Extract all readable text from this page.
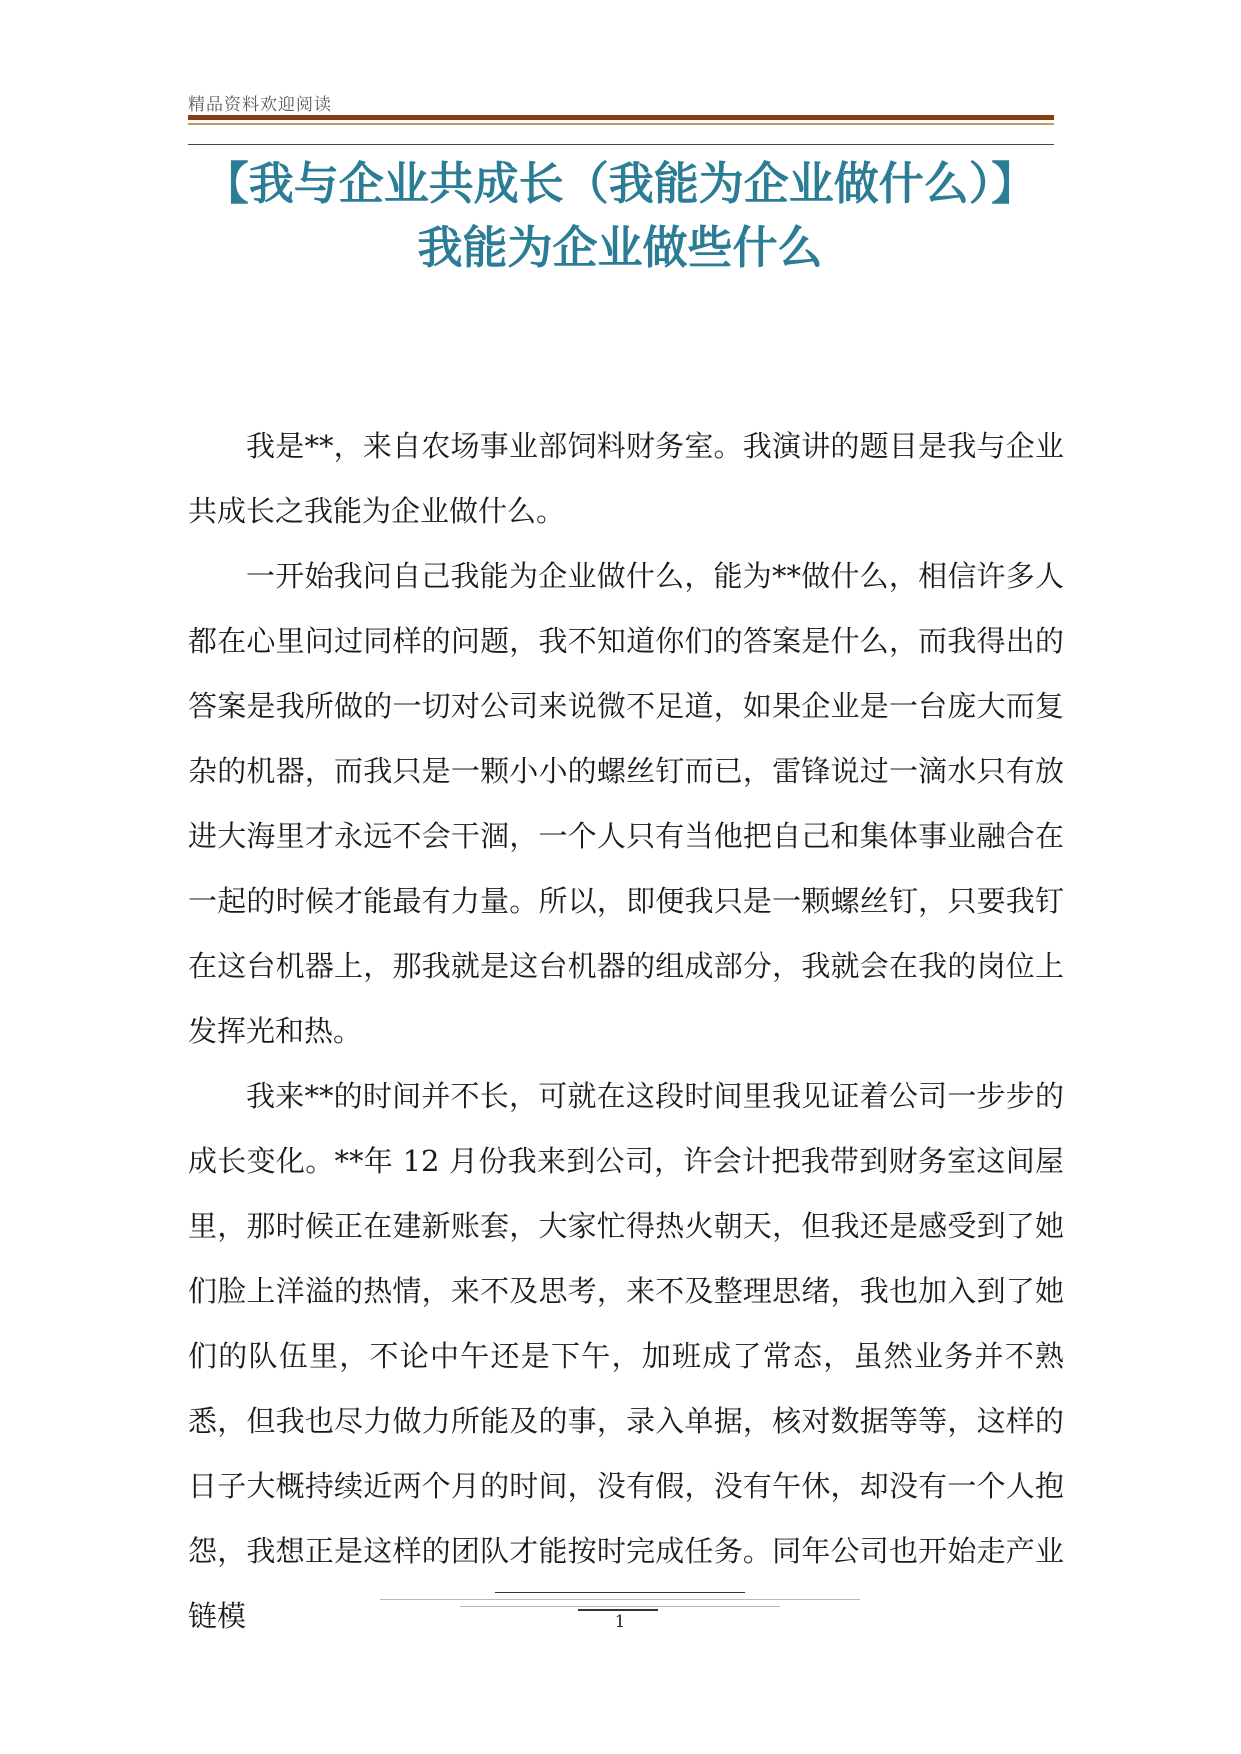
精品资料欢迎阅读
【我与企业共成长（我能为企业做什么）】
我能为企业做些什么

我是**，来自农场事业部饲料财务室。我演讲的题目是我与企业共成长之我能为企业做什么。

一开始我问自己我能为企业做什么，能为**做什么，相信许多人都在心里问过同样的问题，我不知道你们的答案是什么，而我得出的答案是我所做的一切对公司来说微不足道，如果企业是一台庞大而复杂的机器，而我只是一颗小小的螺丝钉而已，雷锋说过一滴水只有放进大海里才永远不会干涸，一个人只有当他把自己和集体事业融合在一起的时候才能最有力量。所以，即便我只是一颗螺丝钉，只要我钉在这台机器上，那我就是这台机器的组成部分，我就会在我的岗位上发挥光和热。

我来**的时间并不长，可就在这段时间里我见证着公司一步步的成长变化。**年 12 月份我来到公司，许会计把我带到财务室这间屋里，那时候正在建新账套，大家忙得热火朝天，但我还是感受到了她们脸上洋溢的热情，来不及思考，来不及整理思绪，我也加入到了她们的队伍里，不论中午还是下午，加班成了常态，虽然业务并不熟悉，但我也尽力做力所能及的事，录入单据，核对数据等等，这样的日子大概持续近两个月的时间，没有假，没有午休，却没有一个人抱怨，我想正是这样的团队才能按时完成任务。同年公司也开始走产业链模	1
